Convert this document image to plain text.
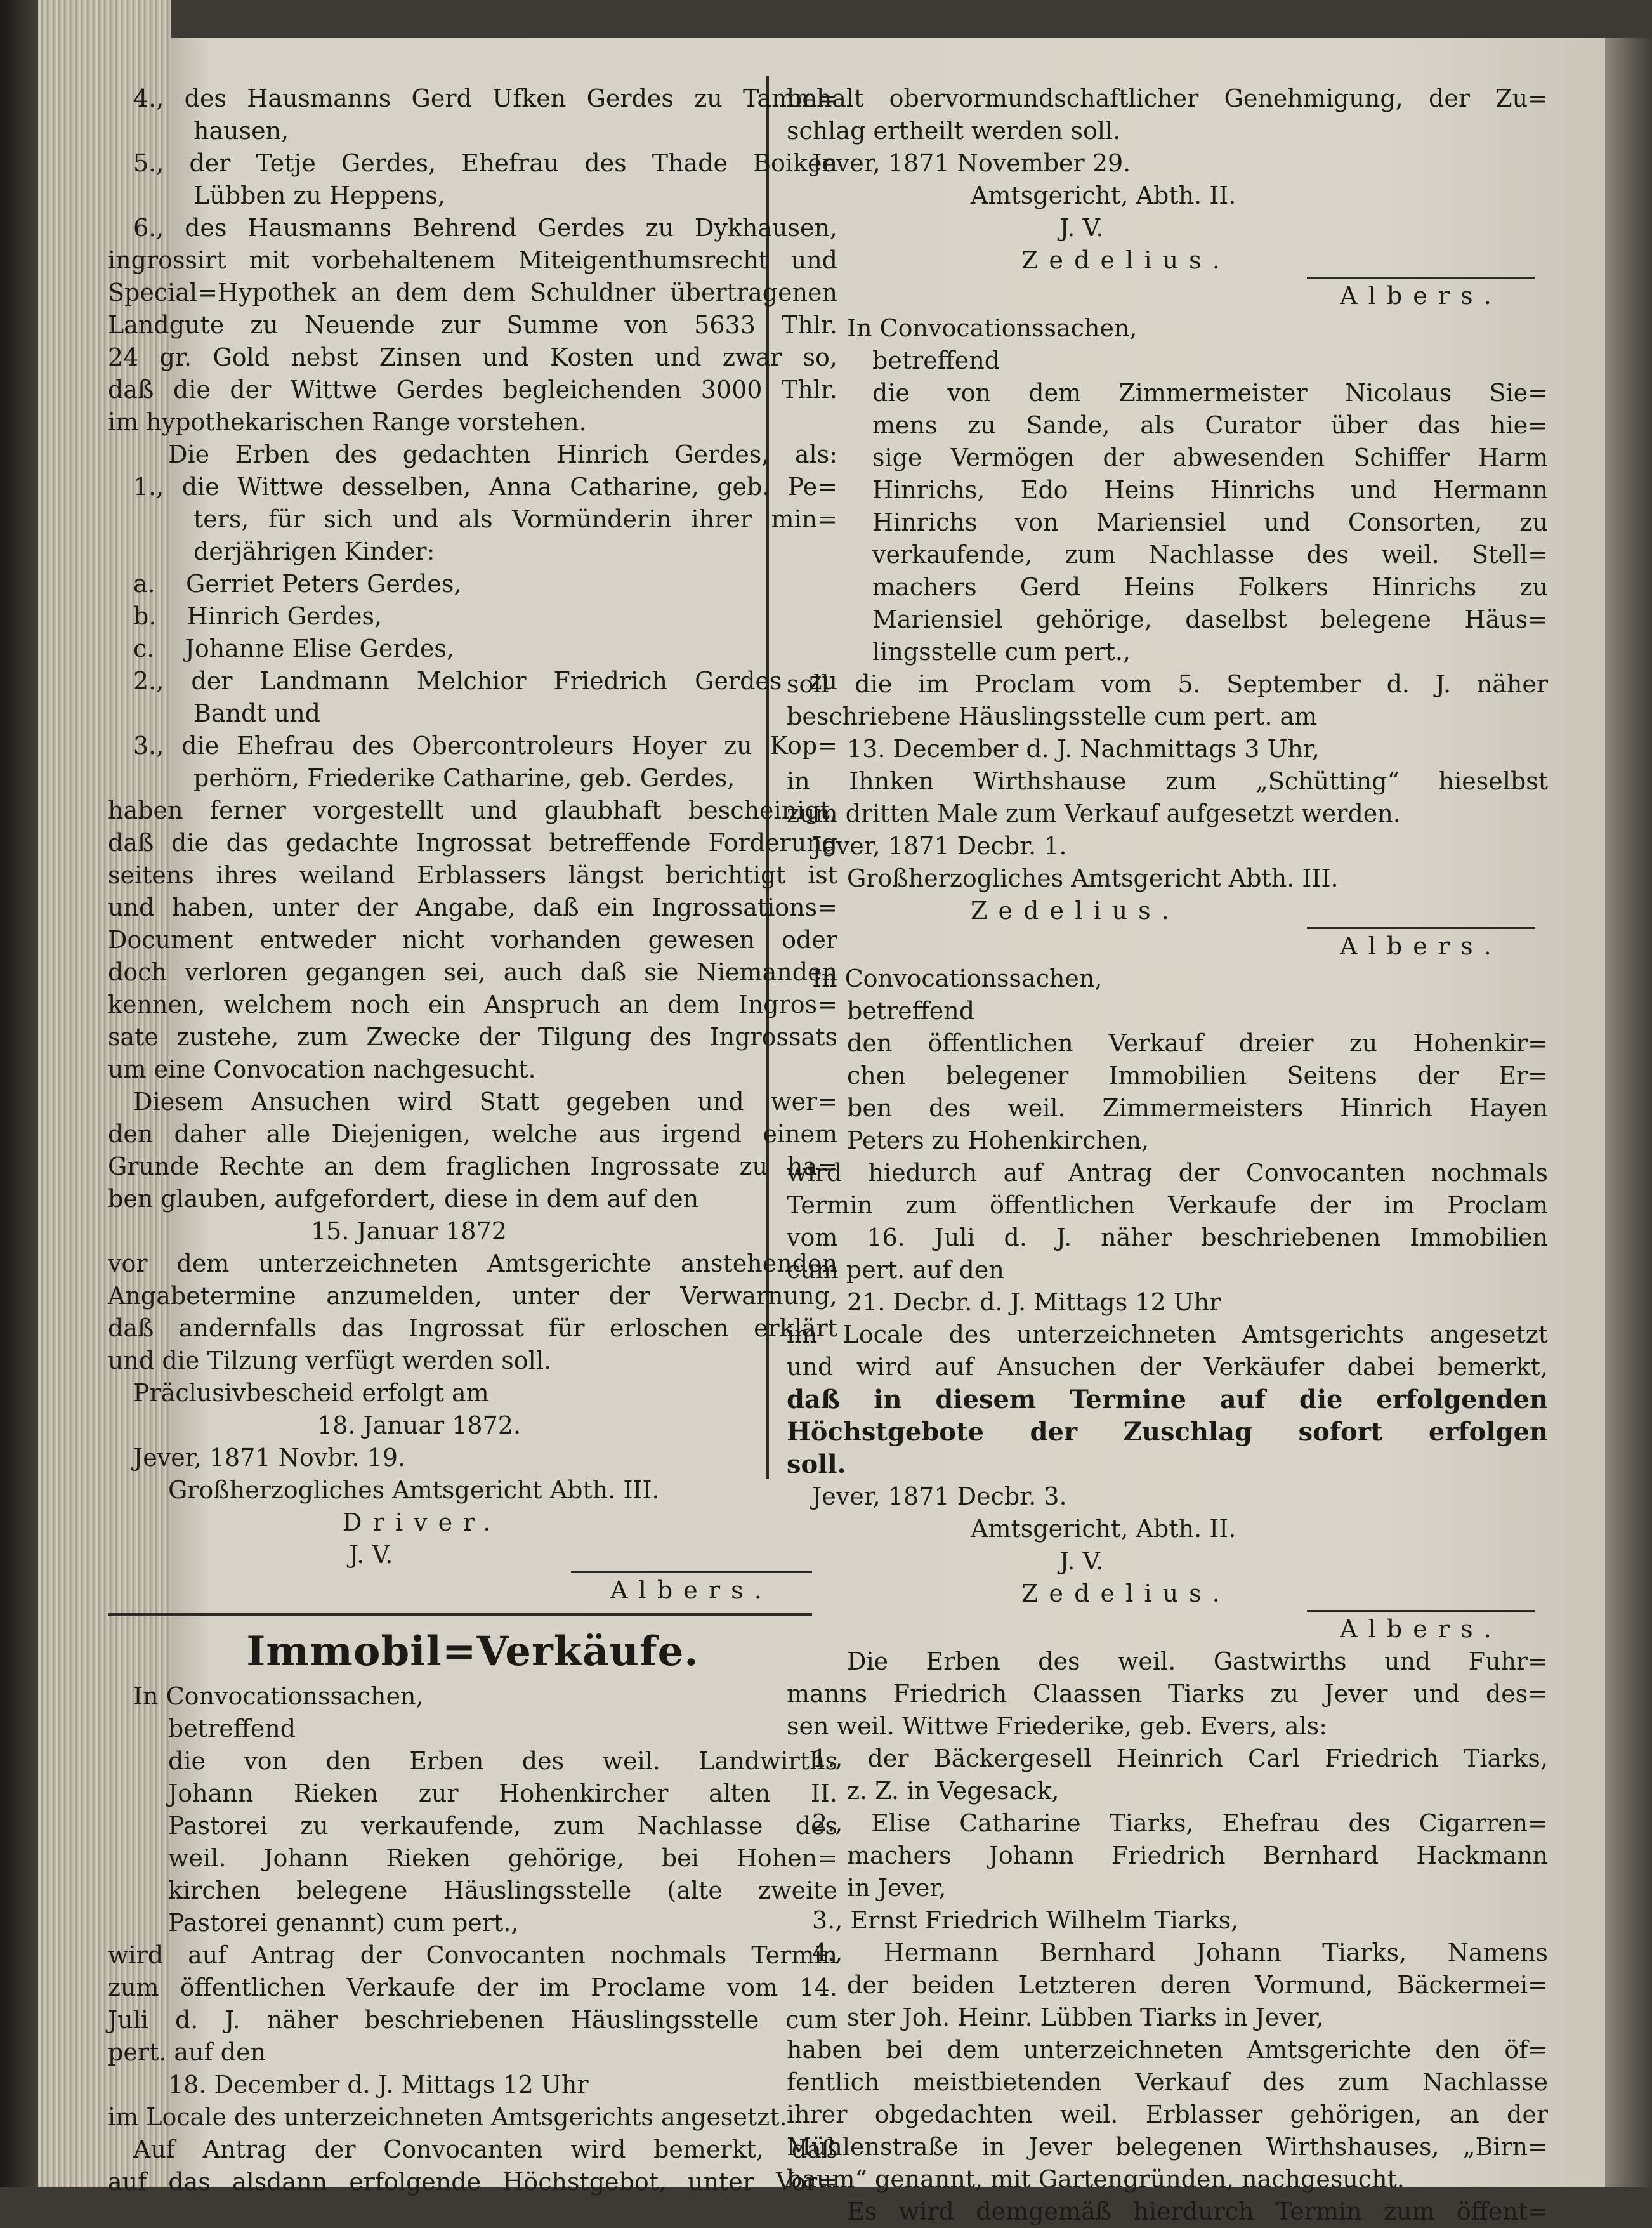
4., des Hausmanns Gerd Ufken Gerdes zu Tamm=
hausen,
5., der Tetje Gerdes, Ehefrau des Thade Boiken
Lübben zu Heppens,
6., des Hausmanns Behrend Gerdes zu Dykhausen,
ingrossirt mit vorbehaltenem Miteigenthumsrecht und
Special=Hypothek an dem dem Schuldner übertragenen
Landgute zu Neuende zur Summe von 5633 Thlr.
24 gr. Gold nebst Zinsen und Kosten und zwar so,
daß die der Wittwe Gerdes begleichenden 3000 Thlr.
im hypothekarischen Range vorstehen.
Die Erben des gedachten Hinrich Gerdes, als:
1., die Wittwe desselben, Anna Catharine, geb. Pe=
ters, für sich und als Vormünderin ihrer min=
derjährigen Kinder:
a.    Gerriet Peters Gerdes,
b.    Hinrich Gerdes,
c.    Johanne Elise Gerdes,
2., der Landmann Melchior Friedrich Gerdes zu
Bandt und
3., die Ehefrau des Obercontroleurs Hoyer zu Kop=
perhörn, Friederike Catharine, geb. Gerdes,
haben ferner vorgestellt und glaubhaft bescheinigt,
daß die das gedachte Ingrossat betreffende Forderung
seitens ihres weiland Erblassers längst berichtigt ist
und haben, unter der Angabe, daß ein Ingrossations=
Document entweder nicht vorhanden gewesen oder
doch verloren gegangen sei, auch daß sie Niemanden
kennen, welchem noch ein Anspruch an dem Ingros=
sate zustehe, zum Zwecke der Tilgung des Ingrossats
um eine Convocation nachgesucht.
Diesem Ansuchen wird Statt gegeben und wer=
den daher alle Diejenigen, welche aus irgend einem
Grunde Rechte an dem fraglichen Ingrossate zu ha=
ben glauben, aufgefordert, diese in dem auf den
15. Januar 1872
vor dem unterzeichneten Amtsgerichte anstehenden
Angabetermine anzumelden, unter der Verwarnung,
daß andernfalls das Ingrossat für erloschen erklärt
und die Tilzung verfügt werden soll.
Präclusivbescheid erfolgt am
18. Januar 1872.
Jever, 1871 Novbr. 19.
Großherzogliches Amtsgericht Abth. III.
Driver.
J. V.
Albers.
Immobil=Verkäufe.
In Convocationssachen,
betreffend
die von den Erben des weil. Landwirths
Johann Rieken zur Hohenkircher alten II.
Pastorei zu verkaufende, zum Nachlasse des
weil. Johann Rieken gehörige, bei Hohen=
kirchen belegene Häuslingsstelle (alte zweite
Pastorei genannt) cum pert.,
wird auf Antrag der Convocanten nochmals Termin
zum öffentlichen Verkaufe der im Proclame vom 14.
Juli d. J. näher beschriebenen Häuslingsstelle cum
pert. auf den
18. December d. J. Mittags 12 Uhr
im Locale des unterzeichneten Amtsgerichts angesetzt.
Auf Antrag der Convocanten wird bemerkt, daß
auf das alsdann erfolgende Höchstgebot, unter Vor=
behalt obervormundschaftlicher Genehmigung, der Zu=
schlag ertheilt werden soll.
Jever, 1871 November 29.
Amtsgericht, Abth. II.
J. V.
Zedelius.
Albers.
In Convocationssachen,
betreffend
die von dem Zimmermeister Nicolaus Sie=
mens zu Sande, als Curator über das hie=
sige Vermögen der abwesenden Schiffer Harm
Hinrichs, Edo Heins Hinrichs und Hermann
Hinrichs von Mariensiel und Consorten, zu
verkaufende, zum Nachlasse des weil. Stell=
machers Gerd Heins Folkers Hinrichs zu
Mariensiel gehörige, daselbst belegene Häus=
lingsstelle cum pert.,
soll die im Proclam vom 5. September d. J. näher
beschriebene Häuslingsstelle cum pert. am
13. December d. J. Nachmittags 3 Uhr,
in Ihnken Wirthshause zum „Schütting“ hieselbst
zum dritten Male zum Verkauf aufgesetzt werden.
Jever, 1871 Decbr. 1.
Großherzogliches Amtsgericht Abth. III.
Zedelius.
Albers.
In Convocationssachen,
betreffend
den öffentlichen Verkauf dreier zu Hohenkir=
chen belegener Immobilien Seitens der Er=
ben des weil. Zimmermeisters Hinrich Hayen
Peters zu Hohenkirchen,
wird hiedurch auf Antrag der Convocanten nochmals
Termin zum öffentlichen Verkaufe der im Proclam
vom 16. Juli d. J. näher beschriebenen Immobilien
cum pert. auf den
21. Decbr. d. J. Mittags 12 Uhr
im Locale des unterzeichneten Amtsgerichts angesetzt
und wird auf Ansuchen der Verkäufer dabei bemerkt,
daß in diesem Termine auf die erfolgenden
Höchstgebote der Zuschlag sofort erfolgen
soll.
Jever, 1871 Decbr. 3.
Amtsgericht, Abth. II.
J. V.
Zedelius.
Albers.
Die Erben des weil. Gastwirths und Fuhr=
manns Friedrich Claassen Tiarks zu Jever und des=
sen weil. Wittwe Friederike, geb. Evers, als:
1., der Bäckergesell Heinrich Carl Friedrich Tiarks,
z. Z. in Vegesack,
2., Elise Catharine Tiarks, Ehefrau des Cigarren=
machers Johann Friedrich Bernhard Hackmann
in Jever,
3., Ernst Friedrich Wilhelm Tiarks,
4., Hermann Bernhard Johann Tiarks, Namens
der beiden Letzteren deren Vormund, Bäckermei=
ster Joh. Heinr. Lübben Tiarks in Jever,
haben bei dem unterzeichneten Amtsgerichte den öf=
fentlich meistbietenden Verkauf des zum Nachlasse
ihrer obgedachten weil. Erblasser gehörigen, an der
Mühlenstraße in Jever belegenen Wirthshauses, „Birn=
baum“ genannt, mit Gartengründen, nachgesucht.
Es wird demgemäß hierdurch Termin zum öffent=
